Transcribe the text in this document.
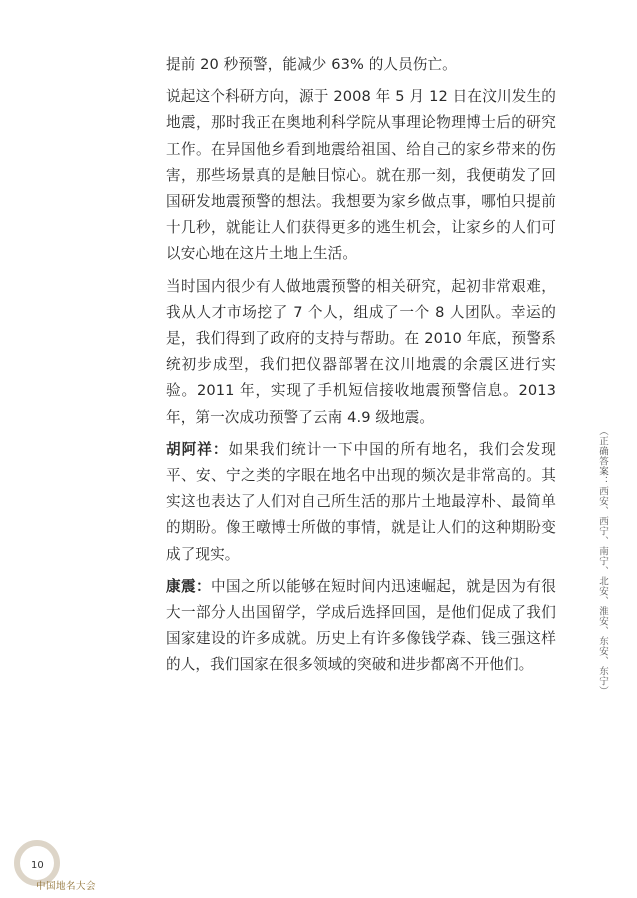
提前 20 秒预警，能减少 63% 的人员伤亡。

说起这个科研方向，源于 2008 年 5 月 12 日在汶川发生的地震，那时我正在奥地利科学院从事理论物理博士后的研究工作。在异国他乡看到地震给祖国、给自己的家乡带来的伤害，那些场景真的是触目惊心。就在那一刻，我便萌发了回国研发地震预警的想法。我想要为家乡做点事，哪怕只提前十几秒，就能让人们获得更多的逃生机会，让家乡的人们可以安心地在这片土地上生活。

当时国内很少有人做地震预警的相关研究，起初非常艰难，我从人才市场挖了 7 个人，组成了一个 8 人团队。幸运的是，我们得到了政府的支持与帮助。在 2010 年底，预警系统初步成型，我们把仪器部署在汶川地震的余震区进行实验。2011 年，实现了手机短信接收地震预警信息。2013 年，第一次成功预警了云南 4.9 级地震。

胡阿祥：如果我们统计一下中国的所有地名，我们会发现平、安、宁之类的字眼在地名中出现的频次是非常高的。其实这也表达了人们对自己所生活的那片土地最淳朴、最简单的期盼。像王暾博士所做的事情，就是让人们的这种期盼变成了现实。

康震：中国之所以能够在短时间内迅速崛起，就是因为有很大一部分人出国留学，学成后选择回国，是他们促成了我们国家建设的许多成就。历史上有许多像钱学森、钱三强这样的人，我们国家在很多领域的突破和进步都离不开他们。	（正确答案：西安、西宁、南宁、北安、淮安、东安、东宁）
10
中国地名大会
